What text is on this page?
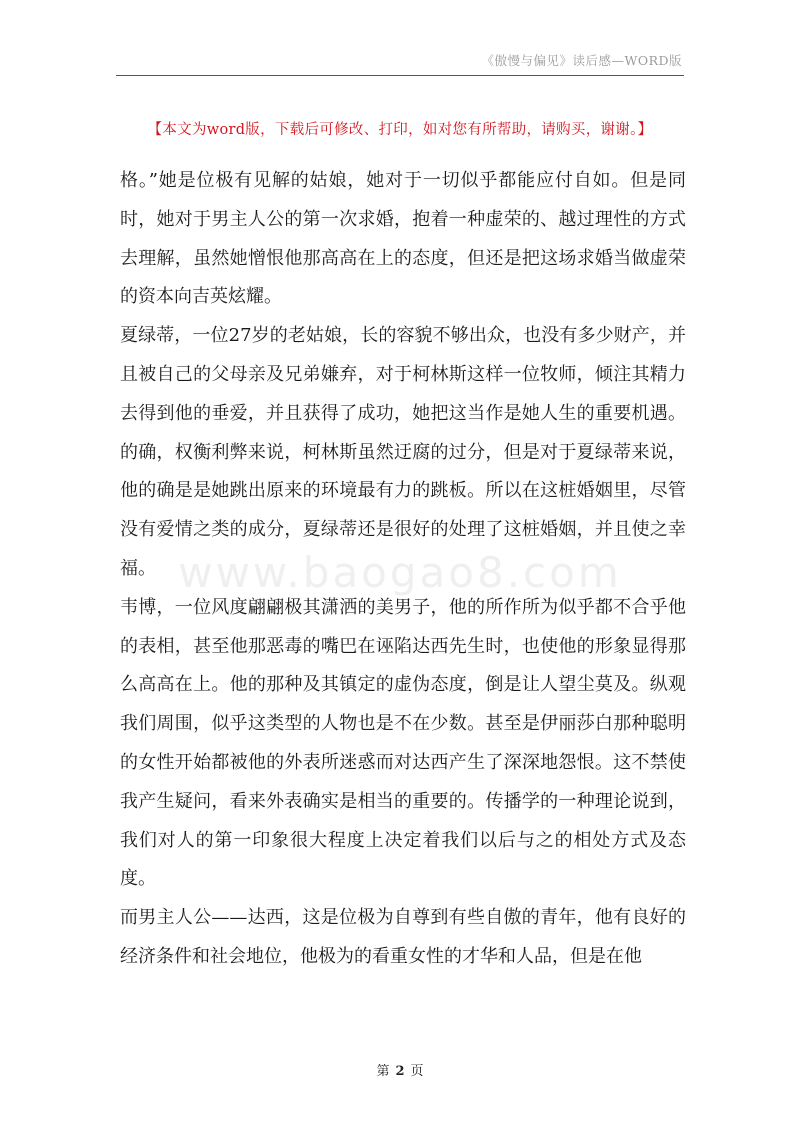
《傲慢与偏见》读后感—WORD版
【本文为word版，下载后可修改、打印，如对您有所帮助，请购买，谢谢。】

格。”她是位极有见解的姑娘，她对于一切似乎都能应付自如。但是同时，她对于男主人公的第一次求婚，抱着一种虚荣的、越过理性的方式去理解，虽然她憎恨他那高高在上的态度，但还是把这场求婚当做虚荣的资本向吉英炫耀。

夏绿蒂，一位27岁的老姑娘，长的容貌不够出众，也没有多少财产，并且被自己的父母亲及兄弟嫌弃，对于柯林斯这样一位牧师，倾注其精力去得到他的垂爱，并且获得了成功，她把这当作是她人生的重要机遇。的确，权衡利弊来说，柯林斯虽然迂腐的过分，但是对于夏绿蒂来说，他的确是是她跳出原来的环境最有力的跳板。所以在这桩婚姻里，尽管没有爱情之类的成分，夏绿蒂还是很好的处理了这桩婚姻，并且使之幸福。

韦博，一位风度翩翩极其潇洒的美男子，他的所作所为似乎都不合乎他的表相，甚至他那恶毒的嘴巴在诬陷达西先生时，也使他的形象显得那么高高在上。他的那种及其镇定的虚伪态度，倒是让人望尘莫及。纵观我们周围，似乎这类型的人物也是不在少数。甚至是伊丽莎白那种聪明的女性开始都被他的外表所迷惑而对达西产生了深深地怨恨。这不禁使我产生疑问，看来外表确实是相当的重要的。传播学的一种理论说到，我们对人的第一印象很大程度上决定着我们以后与之的相处方式及态度。

而男主人公——达西，这是位极为自尊到有些自傲的青年，他有良好的经济条件和社会地位，他极为的看重女性的才华和人品，但是在他

www.baogao8.com
第 2 页
